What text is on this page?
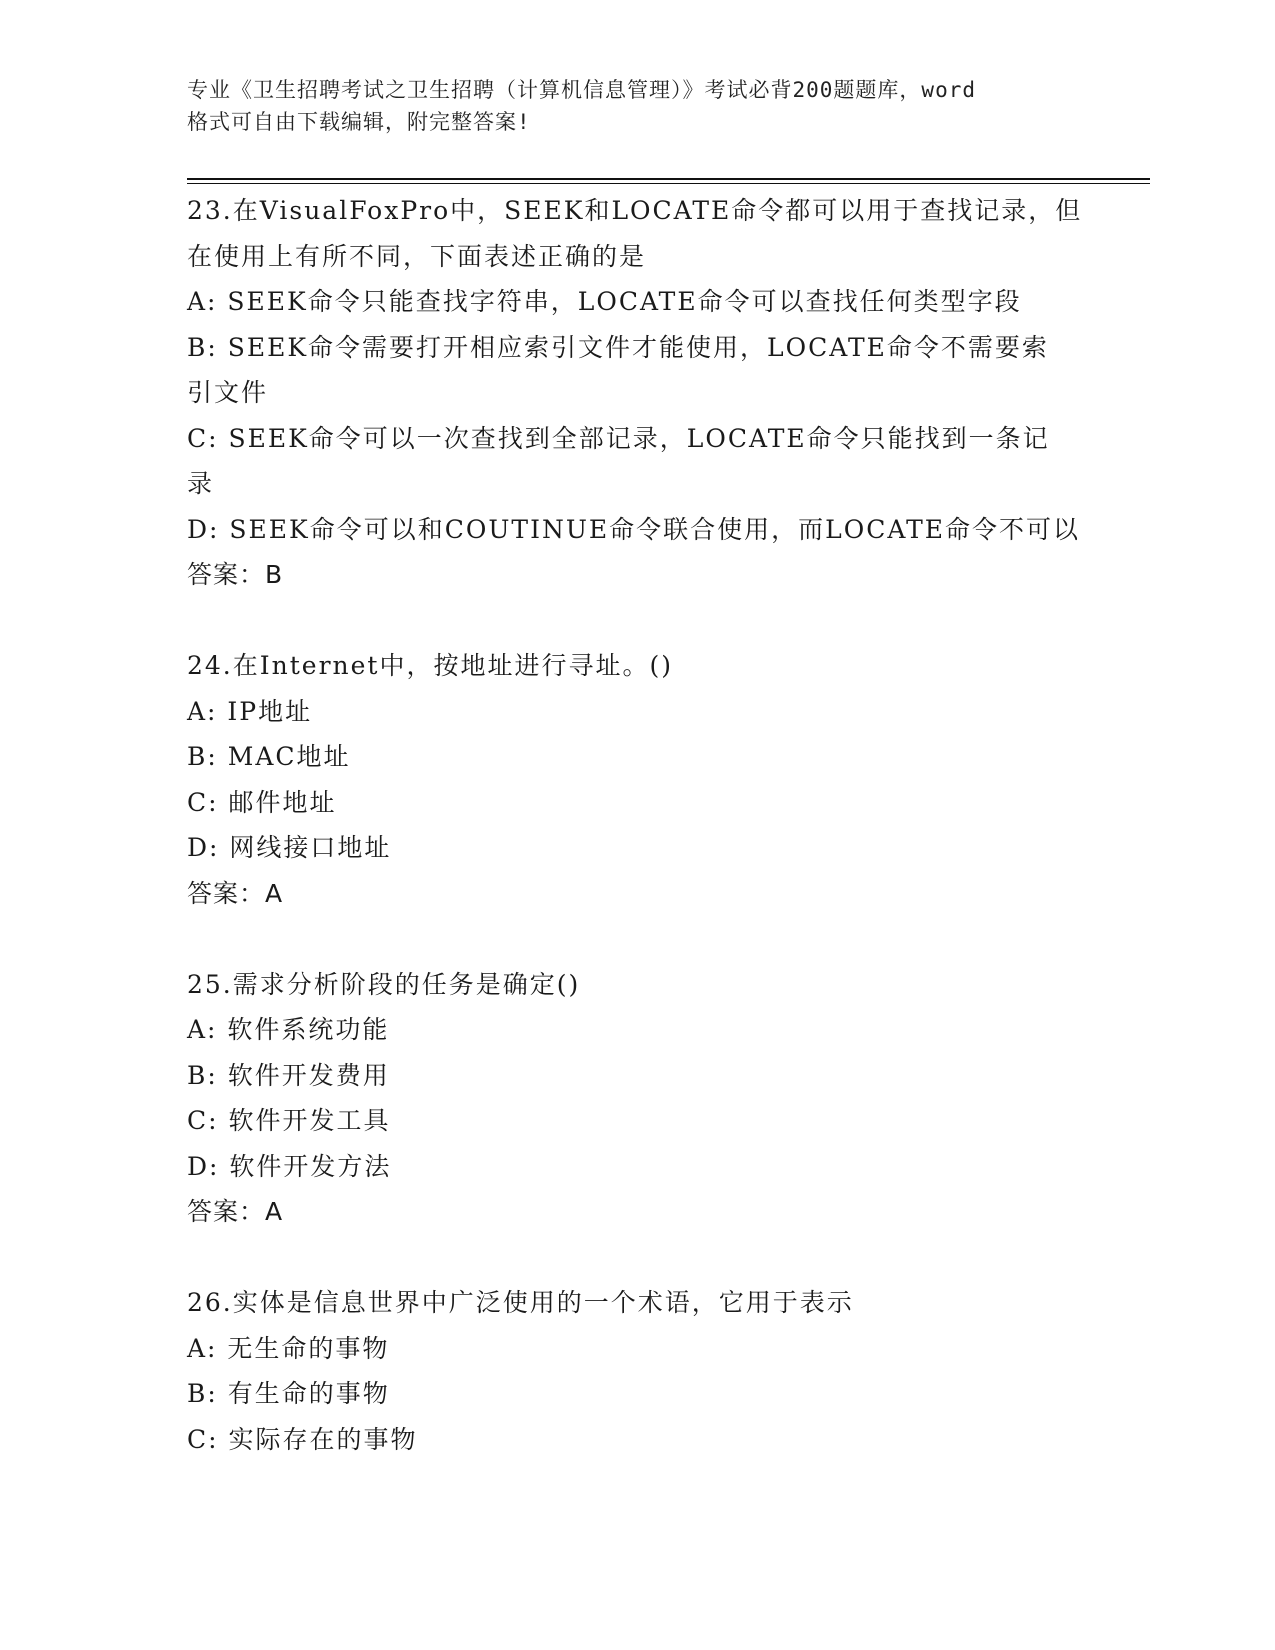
专业《卫生招聘考试之卫生招聘（计算机信息管理）》考试必背200题题库，word
格式可自由下载编辑，附完整答案!
23.在VisualFoxPro中，SEEK和LOCATE命令都可以用于查找记录，但
在使用上有所不同，下面表述正确的是
A: SEEK命令只能查找字符串，LOCATE命令可以查找任何类型字段
B: SEEK命令需要打开相应索引文件才能使用，LOCATE命令不需要索
引文件
C: SEEK命令可以一次查找到全部记录，LOCATE命令只能找到一条记
录
D: SEEK命令可以和COUTINUE命令联合使用，而LOCATE命令不可以
答案：B
24.在Internet中，按地址进行寻址。()
A: IP地址
B: MAC地址
C: 邮件地址
D: 网线接口地址
答案：A
25.需求分析阶段的任务是确定()
A: 软件系统功能
B: 软件开发费用
C: 软件开发工具
D: 软件开发方法
答案：A
26.实体是信息世界中广泛使用的一个术语，它用于表示
A: 无生命的事物
B: 有生命的事物
C: 实际存在的事物
